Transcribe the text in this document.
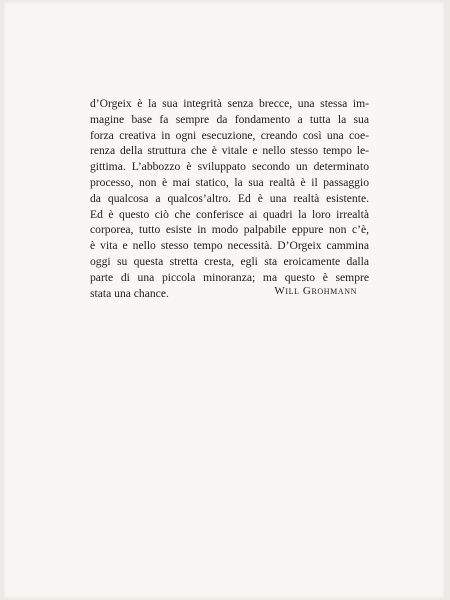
d’Orgeix è la sua integrità senza brecce, una stessa im-
magine base fa sempre da fondamento a tutta la sua
forza creativa in ogni esecuzione, creando così una coe-
renza della struttura che è vitale e nello stesso tempo le-
gittima. L’abbozzo è sviluppato secondo un determinato
processo, non è mai statico, la sua realtà è il passaggio
da qualcosa a qualcos’altro. Ed è una realtà esistente.
Ed è questo ciò che conferisce ai quadri la loro irrealtà
corporea, tutto esiste in modo palpabile eppure non c’è,
è vita e nello stesso tempo necessità. D’Orgeix cammina
oggi su questa stretta cresta, egli sta eroicamente dalla
parte di una piccola minoranza; ma questo è sempre
stata una chance.	Will Grohmann
